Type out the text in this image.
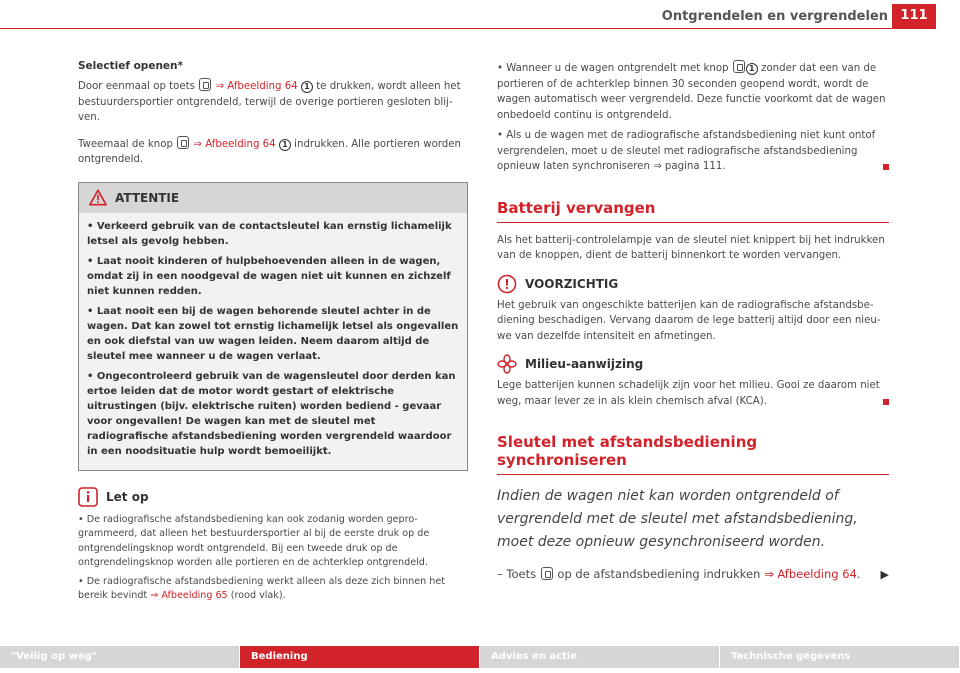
Ontgrendelen en vergrendelen 111
Selectief openen*

Door eenmaal op toets ⇒ Afbeelding 64 1 te drukken, wordt alleen het bestuurdersportier ontgrendeld, terwijl de overige portieren gesloten blijven.

Tweemaal de knop ⇒ Afbeelding 64 1 indrukken. Alle portieren worden ontgrendeld.

ATTENTIE

• Verkeerd gebruik van de contactsleutel kan ernstig lichamelijk letsel als gevolg hebben.

• Laat nooit kinderen of hulpbehoevenden alleen in de wagen, omdat zij in een noodgeval de wagen niet uit kunnen en zichzelf niet kunnen redden.

• Laat nooit een bij de wagen behorende sleutel achter in de wagen. Dat kan zowel tot ernstig lichamelijk letsel als ongevallen en ook diefstal van uw wagen leiden. Neem daarom altijd de sleutel mee wanneer u de wagen verlaat.

• Ongecontroleerd gebruik van de wagensleutel door derden kan ertoe leiden dat de motor wordt gestart of elektrische uitrustingen (bijv. elektrische ruiten) worden bediend - gevaar voor ongevallen! De wagen kan met de sleutel met radiografische afstandsbediening worden vergrendeld waardoor in een noodsituatie hulp wordt bemoeilijkt.

Let op

• De radiografische afstandsbediening kan ook zodanig worden geprogrammeerd, dat alleen het bestuurdersportier al bij de eerste druk op de ontgrendelingsknop wordt ontgrendeld. Bij een tweede druk op de ontgrendelingsknop worden alle portieren en de achterklep ontgrendeld.

• De radiografische afstandsbediening werkt alleen als deze zich binnen het bereik bevindt ⇒ Afbeelding 65 (rood vlak).

• Wanneer u de wagen ontgrendelt met knop	1 zonder dat een van de portieren of de achterklep binnen 30 seconden geopend wordt, wordt de wagen automatisch weer vergrendeld. Deze functie voorkomt dat de wagen onbedoeld continu is ontgrendeld.

• Als u de wagen met de radiografische afstandsbediening niet kunt ontof vergrendelen, moet u de sleutel met radiografische afstandsbediening opnieuw laten synchroniseren ⇒ pagina 111.

Batterij vervangen

Als het batterij-controlelampje van de sleutel niet knippert bij het indrukken van de knoppen, dient de batterij binnenkort te worden vervangen.

VOORZICHTIG

Het gebruik van ongeschikte batterijen kan de radiografische afstandsbediening beschadigen. Vervang daarom de lege batterij altijd door een nieuwe van dezelfde intensiteit en afmetingen.

Milieu-aanwijzing

Lege batterijen kunnen schadelijk zijn voor het milieu. Gooi ze daarom niet weg, maar lever ze in als klein chemisch afval (KCA).

Sleutel met afstandsbediening synchroniseren

Indien de wagen niet kan worden ontgrendeld of vergrendeld met de sleutel met afstandsbediening, moet deze opnieuw gesynchroniseerd worden.

– Toets op de afstandsbediening indrukken ⇒ Afbeelding 64. ▶

"Veilig op weg"	Bediening	Advies en actie	Technische gegevens
